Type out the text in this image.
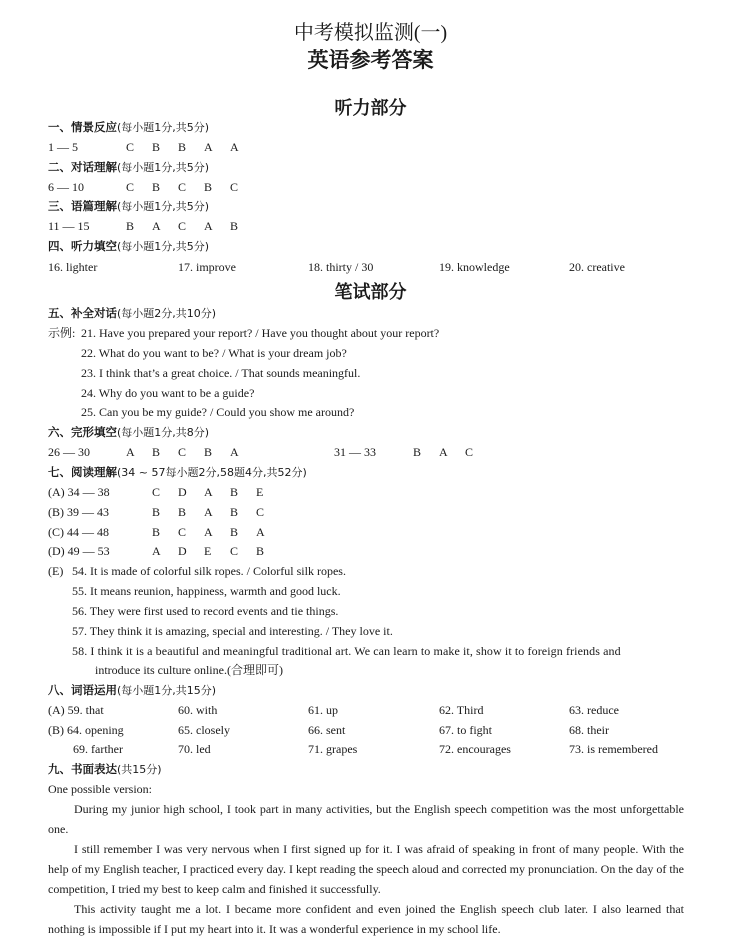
中考模拟监测(一)
英语参考答案
听力部分
一、情景反应(每小题1分,共5分)
1 — 5	C B B A A
二、对话理解(每小题1分,共5分)
6 — 10	C B C B C
三、语篇理解(每小题1分,共5分)
11 — 15	B A C A B
四、听力填空(每小题1分,共5分)
16. lighter	17. improve	18. thirty / 30	19. knowledge	20. creative
笔试部分
五、补全对话(每小题2分,共10分)
示例: 21. Have you prepared your report? / Have you thought about your report?
22. What do you want to be? / What is your dream job?
23. I think that’s a great choice. / That sounds meaningful.
24. Why do you want to be a guide?
25. Can you be my guide? / Could you show me around?
六、完形填空(每小题1分,共8分)
26 — 30	A B C B A	31 — 33	B A C
七、阅读理解(34 ~ 57每小题2分,58题4分,共52分)
(A) 34 — 38	C D A B E
(B) 39 — 43	B B A B C
(C) 44 — 48	B C A B A
(D) 49 — 53	A D E C B
(E) 54. It is made of colorful silk ropes. / Colorful silk ropes.
55. It means reunion, happiness, warmth and good luck.
56. They were first used to record events and tie things.
57. They think it is amazing, special and interesting. / They love it.
58. I think it is a beautiful and meaningful traditional art. We can learn to make it, show it to foreign friends and
introduce its culture online.(合理即可)
八、词语运用(每小题1分,共15分)
(A) 59. that	60. with	61. up	62. Third	63. reduce
(B) 64. opening	65. closely	66. sent	67. to fight	68. their
69. farther	70. led	71. grapes	72. encourages	73. is remembered
九、书面表达(共15分)
One possible version:
During my junior high school, I took part in many activities, but the English speech competition was the most unforgettable one.
I still remember I was very nervous when I first signed up for it. I was afraid of speaking in front of many people. With the help of my English teacher, I practiced every day. I kept reading the speech aloud and corrected my pronunciation. On the day of the competition, I tried my best to keep calm and finished it successfully.
This activity taught me a lot. I became more confident and even joined the English speech club later. I also learned that nothing is impossible if I put my heart into it. It was a wonderful experience in my school life.
